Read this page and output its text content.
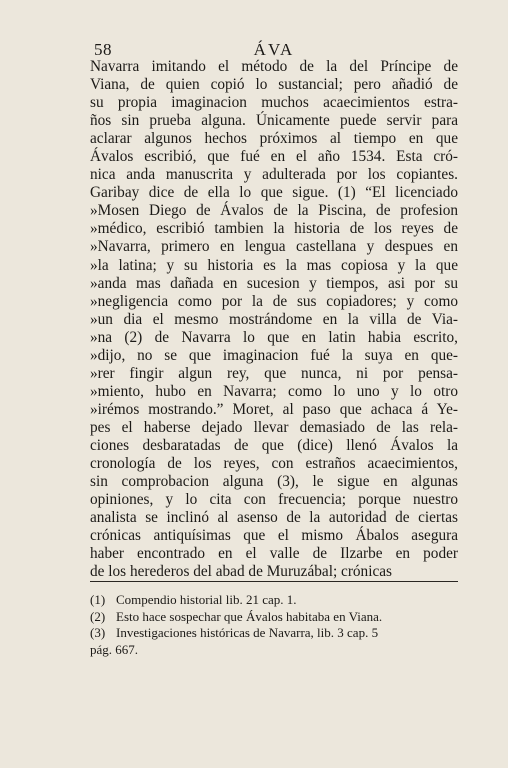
58	ÁVA
Navarra imitando el método de la del Príncipe de
Viana, de quien copió lo sustancial; pero añadió de
su propia imaginacion muchos acaecimientos estra-
ños sin prueba alguna. Únicamente puede servir para
aclarar algunos hechos próximos al tiempo en que
Ávalos escribió, que fué en el año 1534. Esta cró-
nica anda manuscrita y adulterada por los copiantes.
Garibay dice de ella lo que sigue. (1) “El licenciado
»Mosen Diego de Ávalos de la Piscina, de profesion
»médico, escribió tambien la historia de los reyes de
»Navarra, primero en lengua castellana y despues en
»la latina; y su historia es la mas copiosa y la que
»anda mas dañada en sucesion y tiempos, asi por su
»negligencia como por la de sus copiadores; y como
»un dia el mesmo mostrándome en la villa de Via-
»na (2) de Navarra lo que en latin habia escrito,
»dijo, no se que imaginacion fué la suya en que-
»rer fingir algun rey, que nunca, ni por pensa-
»miento, hubo en Navarra; como lo uno y lo otro
»irémos mostrando.” Moret, al paso que achaca á Ye-
pes el haberse dejado llevar demasiado de las rela-
ciones desbaratadas de que (dice) llenó Ávalos la
cronología de los reyes, con estraños acaecimientos,
sin comprobacion alguna (3), le sigue en algunas
opiniones, y lo cita con frecuencia; porque nuestro
analista se inclinó al asenso de la autoridad de ciertas
crónicas antiquísimas que el mismo Ábalos asegura
haber encontrado en el valle de Ilzarbe en poder
de los herederos del abad de Muruzábal; crónicas
(1) Compendio historial lib. 21 cap. 1.
(2) Esto hace sospechar que Ávalos habitaba en Viana.
(3) Investigaciones históricas de Navarra, lib. 3 cap. 5
pág. 667.
